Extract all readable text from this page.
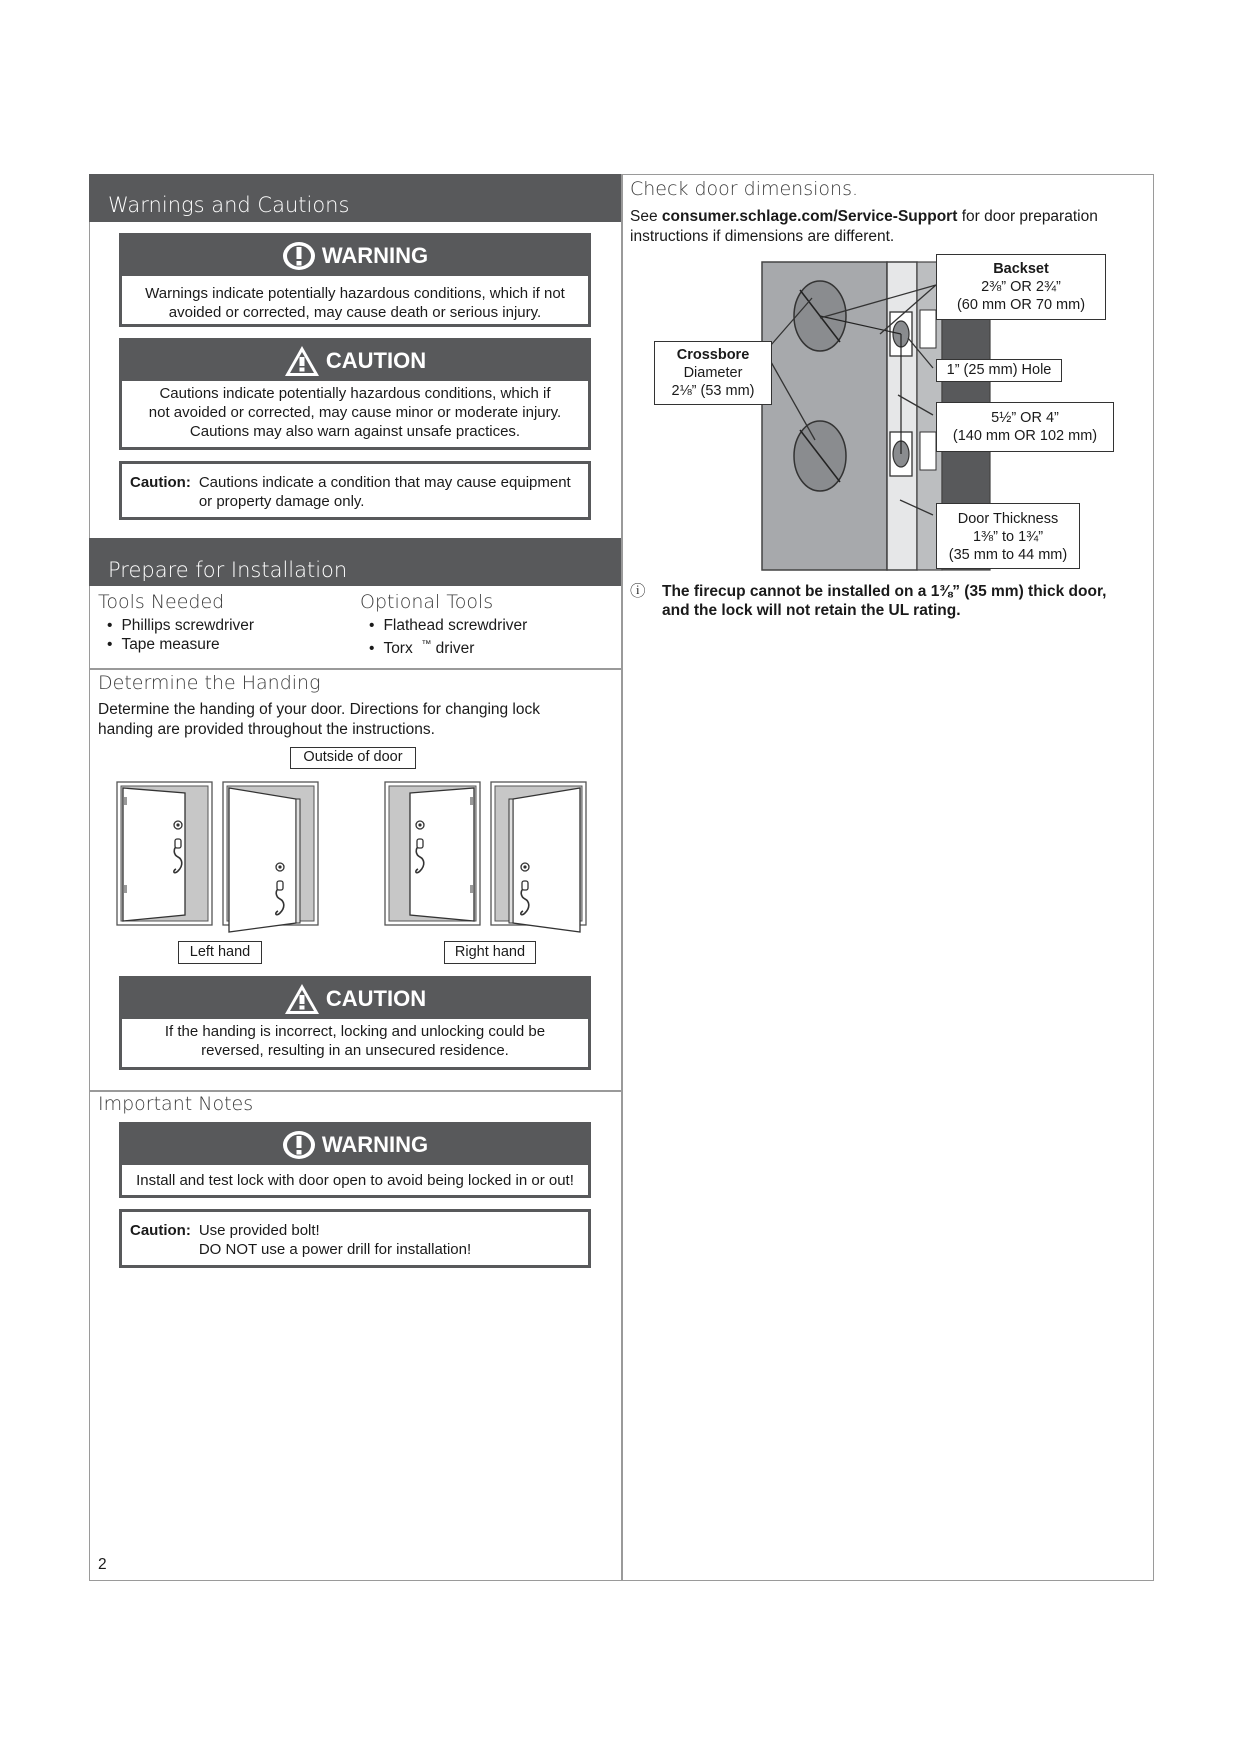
Warnings and Cautions
WARNING
Warnings indicate potentially hazardous conditions, which if not avoided or corrected, may cause death or serious injury.
CAUTION
Cautions indicate potentially hazardous conditions, which if
not avoided or corrected, may cause minor or moderate injury.
Cautions may also warn against unsafe practices.
Caution: Cautions indicate a condition that may cause equipment
or property damage only.
Prepare for Installation
Tools Needed
• Phillips screwdriver
• Tape measure
Optional Tools
• Flathead screwdriver
• Torx ™ driver
Determine the Handing
Determine the handing of your door. Directions for changing lock
handing are provided throughout the instructions.
Outside of door
Left hand	Right hand
CAUTION
If the handing is incorrect, locking and unlocking could be
reversed, resulting in an unsecured residence.
Important Notes
WARNING
Install and test lock with door open to avoid being locked in or out!
Caution: Use provided bolt!
DO NOT use a power drill for installation!
2
Check door dimensions.
See consumer.schlage.com/Service-Support for door preparation
instructions if dimensions are different.
Backset
2⅜” OR 2¾”
(60 mm OR 70 mm)
Crossbore
Diameter
2⅛” (53 mm)
1” (25 mm) Hole
5½” OR 4”
(140 mm OR 102 mm)
Door Thickness
1⅜” to 1¾”
(35 mm to 44 mm)
ⓘ	The firecup cannot be installed on a 1⅜” (35 mm) thick door,
and the lock will not retain the UL rating.
